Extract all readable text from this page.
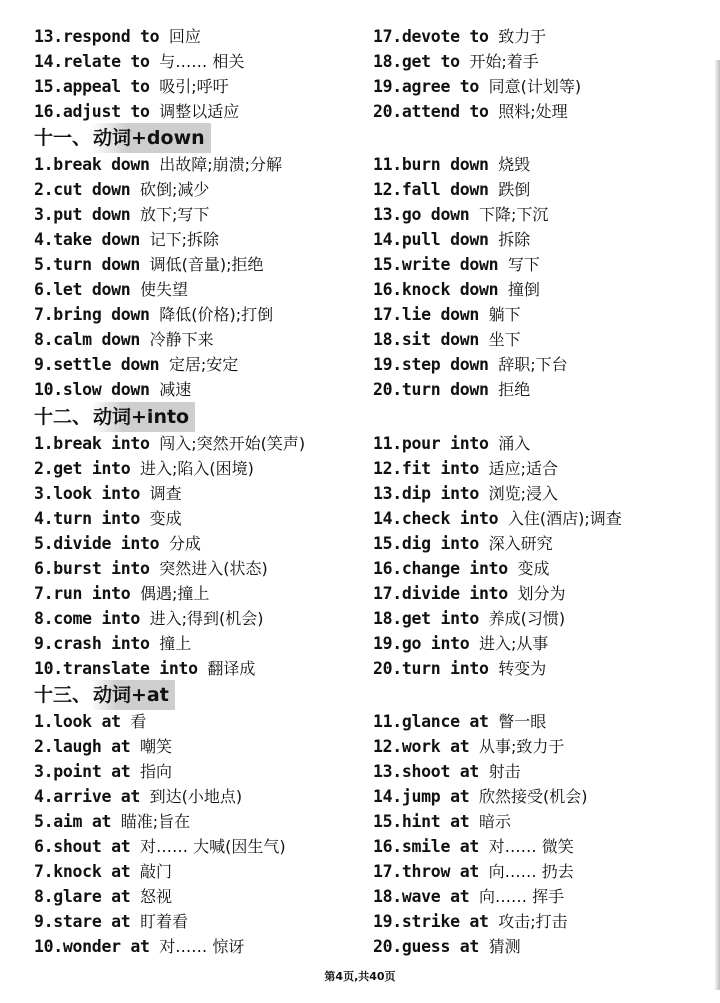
13.respond to 回应
14.relate to 与…… 相关
15.appeal to 吸引;呼吁
16.adjust to 调整以适应
17.devote to 致力于
18.get to 开始;着手
19.agree to 同意(计划等)
20.attend to 照料;处理
十一、 动词+down
1.break down 出故障;崩溃;分解
2.cut down 砍倒;减少
3.put down 放下;写下
4.take down 记下;拆除
5.turn down 调低(音量);拒绝
6.let down 使失望
7.bring down 降低(价格);打倒
8.calm down 冷静下来
9.settle down 定居;安定
10.slow down 减速
11.burn down 烧毁
12.fall down 跌倒
13.go down 下降;下沉
14.pull down 拆除
15.write down 写下
16.knock down 撞倒
17.lie down 躺下
18.sit down 坐下
19.step down 辞职;下台
20.turn down 拒绝
十二、 动词+into
1.break into 闯入;突然开始(笑声)
2.get into 进入;陷入(困境)
3.look into 调查
4.turn into 变成
5.divide into 分成
6.burst into 突然进入(状态)
7.run into 偶遇;撞上
8.come into 进入;得到(机会)
9.crash into 撞上
10.translate into 翻译成
11.pour into 涌入
12.fit into 适应;适合
13.dip into 浏览;浸入
14.check into 入住(酒店);调查
15.dig into 深入研究
16.change into 变成
17.divide into 划分为
18.get into 养成(习惯)
19.go into 进入;从事
20.turn into 转变为
十三、 动词+at
1.look at 看
2.laugh at 嘲笑
3.point at 指向
4.arrive at 到达(小地点)
5.aim at 瞄准;旨在
6.shout at 对…… 大喊(因生气)
7.knock at 敲门
8.glare at 怒视
9.stare at 盯着看
10.wonder at 对…… 惊讶
11.glance at 瞥一眼
12.work at 从事;致力于
13.shoot at 射击
14.jump at 欣然接受(机会)
15.hint at 暗示
16.smile at 对…… 微笑
17.throw at 向…… 扔去
18.wave at 向…… 挥手
19.strike at 攻击;打击
20.guess at 猜测
第4页,共40页
